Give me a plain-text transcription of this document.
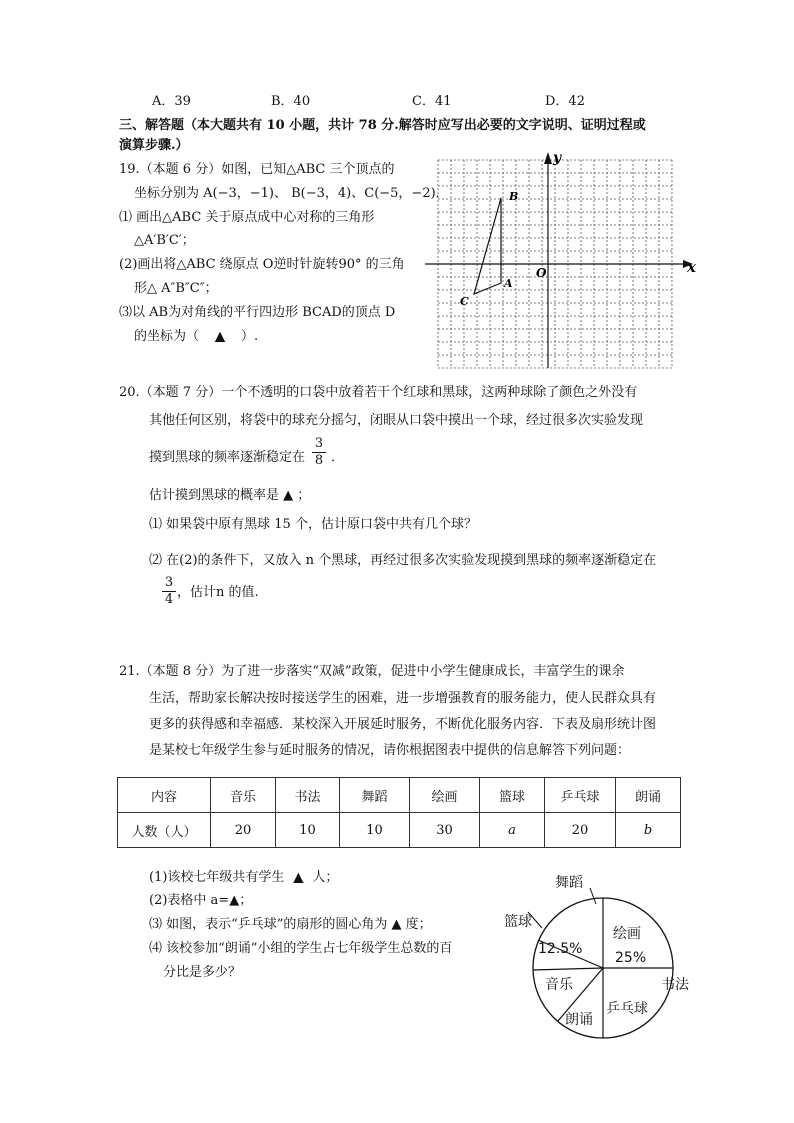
A．39	B．40	C．41	D．42
三、解答题（本大题共有 10 小题，共计 78 分.解答时应写出必要的文字说明、证明过程或
演算步骤.）
19.（本题 6 分）如图，已知△ABC 三个顶点的
坐标分别为 A(−3，−1)、 B(−3，4)、C(−5，−2)．
⑴ 画出△ABC 关于原点成中心对称的三角形
△A′B′C′；
(2)画出将△ABC 绕原点 O逆时针旋转90° 的三角
形△ A″B″C″；
⑶以 AB为对角线的平行四边形 BCAD的顶点 D
的坐标为（ ▲ ）.
x
y
O
A
B
C
20.（本题 7 分）一个不透明的口袋中放着若干个红球和黑球，这两种球除了颜色之外没有
其他任何区别，将袋中的球充分摇匀，闭眼从口袋中摸出一个球，经过很多次实验发现
摸到黑球的频率逐渐稳定在
3
8 ．
估计摸到黑球的概率是 ▲ ；
⑴ 如果袋中原有黑球 15 个，估计原口袋中共有几个球？
⑵ 在(2)的条件下，又放入 n 个黑球，再经过很多次实验发现摸到黑球的频率逐渐稳定在
3
4 ，估计n 的值.
21.（本题 8 分）为了进一步落实“双减”政策，促进中小学生健康成长，丰富学生的课余
生活，帮助家长解决按时接送学生的困难，进一步增强教育的服务能力，使人民群众具有
更多的获得感和幸福感．某校深入开展延时服务，不断优化服务内容．下表及扇形统计图
是某校七年级学生参与延时服务的情况，请你根据图表中提供的信息解答下列问题：
内容	音乐	书法	舞蹈	绘画	篮球	乒乓球	朗诵
人数（人）	20	10	10	30	a	20	b
(1)该校七年级共有学生 ▲ 人；
(2)表格中 a=▲；
⑶ 如图，表示“乒乓球”的扇形的圆心角为 ▲ 度；
⑷ 该校参加“朗诵”小组的学生占七年级学生总数的百
分比是多少？
舞蹈
篮球
12.5%
绘画
25%
书法
乒乓球
朗诵
音乐
